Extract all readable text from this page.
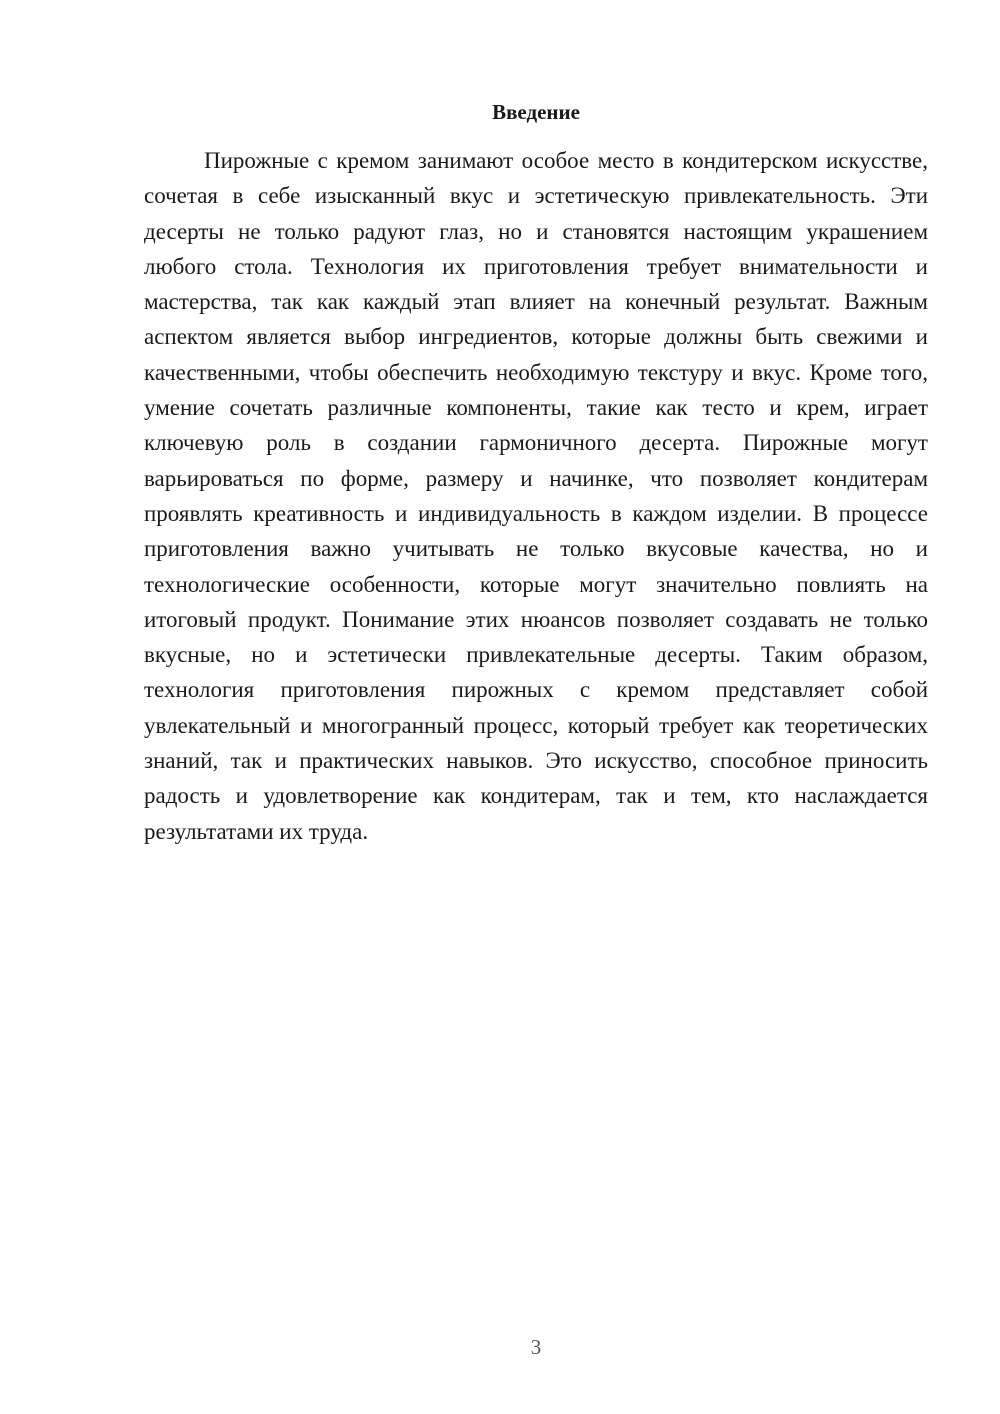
Введение

Пирожные с кремом занимают особое место в кондитерском искусстве, сочетая в себе изысканный вкус и эстетическую привлекательность. Эти десерты не только радуют глаз, но и становятся настоящим украшением любого стола. Технология их приготовления требует внимательности и мастерства, так как каждый этап влияет на конечный результат. Важным аспектом является выбор ингредиентов, которые должны быть свежими и качественными, чтобы обеспечить необходимую текстуру и вкус. Кроме того, умение сочетать различные компоненты, такие как тесто и крем, играет ключевую роль в создании гармоничного десерта. Пирожные могут варьироваться по форме, размеру и начинке, что позволяет кондитерам проявлять креативность и индивидуальность в каждом изделии. В процессе приготовления важно учитывать не только вкусовые качества, но и технологические особенности, которые могут значительно повлиять на итоговый продукт. Понимание этих нюансов позволяет создавать не только вкусные, но и эстетически привлекательные десерты. Таким образом, технология приготовления пирожных с кремом представляет собой увлекательный и многогранный процесс, который требует как теоретических знаний, так и практических навыков. Это искусство, способное приносить радость и удовлетворение как кондитерам, так и тем, кто наслаждается результатами их труда.

3
